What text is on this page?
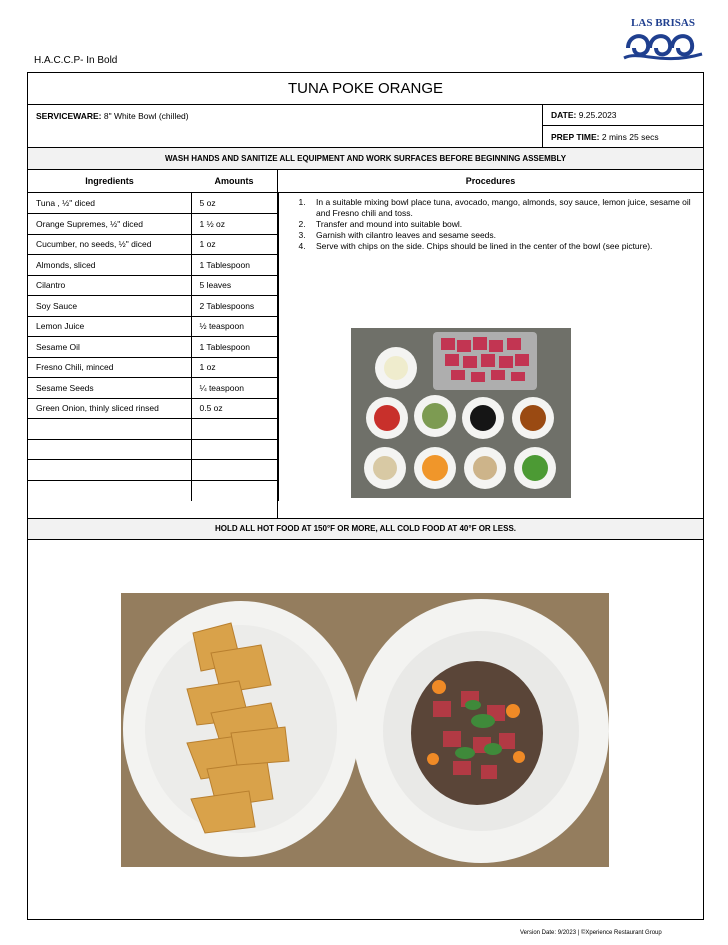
H.A.C.C.P- In Bold
LAS BRISAS
TUNA POKE ORANGE
SERVICEWARE: 8" White Bowl (chilled)	DATE: 9.25.2023
PREP TIME: 2 mins 25 secs
WASH HANDS AND SANITIZE ALL EQUIPMENT AND WORK SURFACES BEFORE BEGINNING ASSEMBLY
Ingredients	Amounts	Procedures
Tuna , ½" diced	5 oz
Orange Supremes, ½" diced	1 ½ oz
Cucumber, no seeds, ½" diced	1 oz
Almonds, sliced	1 Tablespoon
Cilantro	5 leaves
Soy Sauce	2 Tablespoons
Lemon Juice	½ teaspoon
Sesame Oil	1 Tablespoon
Fresno Chili, minced	1 oz
Sesame Seeds	¼ teaspoon
Green Onion, thinly sliced rinsed	0.5 oz

1. In a suitable mixing bowl place tuna, avocado, mango, almonds, soy sauce, lemon juice, sesame oil and Fresno chili and toss.
2. Transfer and mound into suitable bowl.
3. Garnish with cilantro leaves and sesame seeds.
4. Serve with chips on the side. Chips should be lined in the center of the bowl (see picture).
HOLD ALL HOT FOOD AT 150°F OR MORE, ALL COLD FOOD AT 40°F OR LESS.
Version Date: 9/2023 | ©Xperience Restaurant Group
